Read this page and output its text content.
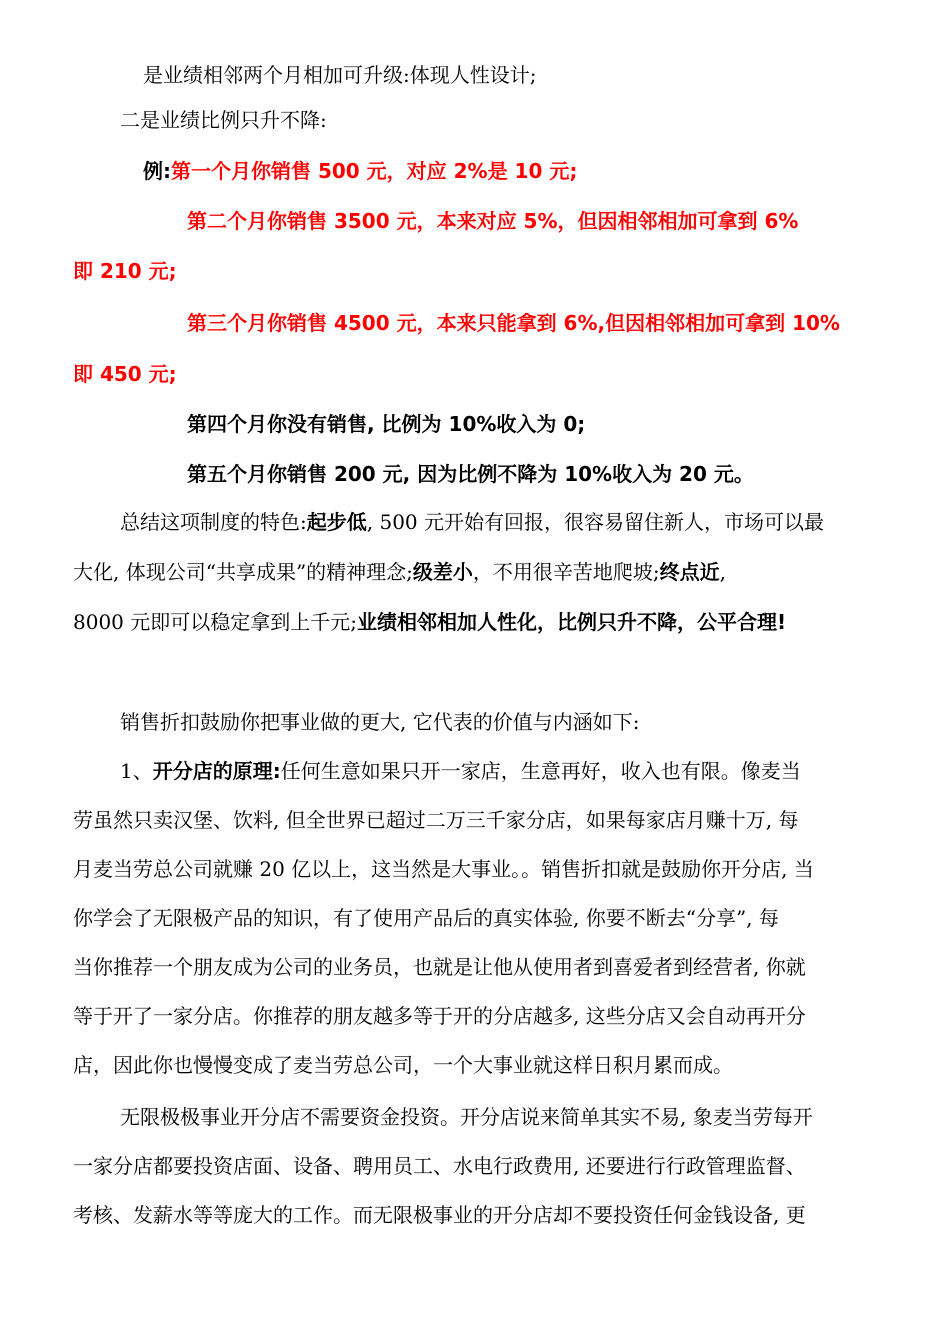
是业绩相邻两个月相加可升级:体现人性设计;
二是业绩比例只升不降:
例:第一个月你销售 500 元，对应 2%是 10 元;
第二个月你销售 3500 元，本来对应 5%，但因相邻相加可拿到 6%
即 210 元;
第三个月你销售 4500 元，本来只能拿到 6%,但因相邻相加可拿到 10%
即 450 元;
第四个月你没有销售, 比例为 10%收入为 0;
第五个月你销售 200 元, 因为比例不降为 10%收入为 20 元。
总结这项制度的特色:起步低, 500 元开始有回报，很容易留住新人，市场可以最
大化, 体现公司“共享成果”的精神理念;级差小，不用很辛苦地爬坡;终点近,
8000 元即可以稳定拿到上千元;业绩相邻相加人性化，比例只升不降，公平合理!
销售折扣鼓励你把事业做的更大, 它代表的价值与内涵如下:
1、开分店的原理:任何生意如果只开一家店，生意再好，收入也有限。像麦当
劳虽然只卖汉堡、饮料, 但全世界已超过二万三千家分店，如果每家店月赚十万, 每
月麦当劳总公司就赚 20 亿以上，这当然是大事业。。销售折扣就是鼓励你开分店, 当
你学会了无限极产品的知识，有了使用产品后的真实体验, 你要不断去“分享”, 每
当你推荐一个朋友成为公司的业务员，也就是让他从使用者到喜爱者到经营者, 你就
等于开了一家分店。你推荐的朋友越多等于开的分店越多, 这些分店又会自动再开分
店，因此你也慢慢变成了麦当劳总公司，一个大事业就这样日积月累而成。
无限极极事业开分店不需要资金投资。开分店说来简单其实不易, 象麦当劳每开
一家分店都要投资店面、设备、聘用员工、水电行政费用, 还要进行行政管理监督、
考核、发薪水等等庞大的工作。而无限极事业的开分店却不要投资任何金钱设备, 更
